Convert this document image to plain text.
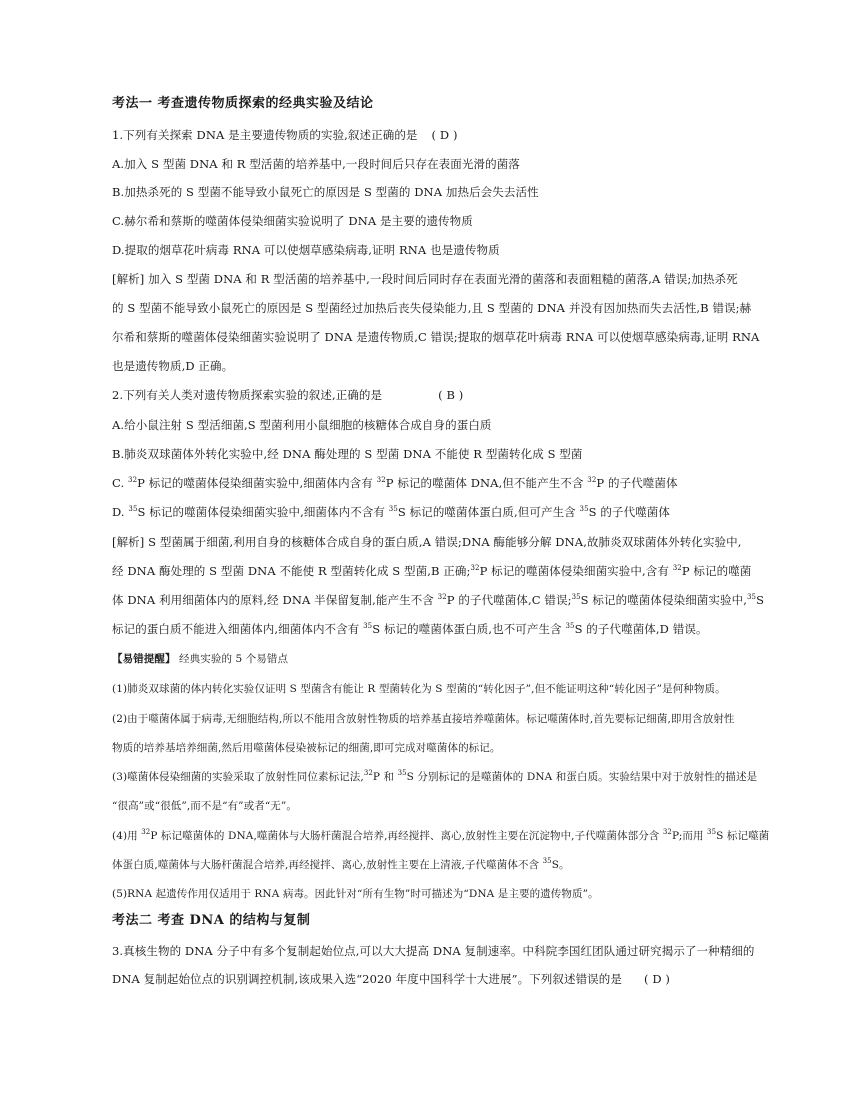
考法一 考查遗传物质探索的经典实验及结论
1.下列有关探索 DNA 是主要遗传物质的实验,叙述正确的是 ( D )
A.加入 S 型菌 DNA 和 R 型活菌的培养基中,一段时间后只存在表面光滑的菌落
B.加热杀死的 S 型菌不能导致小鼠死亡的原因是 S 型菌的 DNA 加热后会失去活性
C.赫尔希和蔡斯的噬菌体侵染细菌实验说明了 DNA 是主要的遗传物质
D.提取的烟草花叶病毒 RNA 可以使烟草感染病毒,证明 RNA 也是遗传物质
[解析] 加入 S 型菌 DNA 和 R 型活菌的培养基中,一段时间后同时存在表面光滑的菌落和表面粗糙的菌落,A 错误;加热杀死
的 S 型菌不能导致小鼠死亡的原因是 S 型菌经过加热后丧失侵染能力,且 S 型菌的 DNA 并没有因加热而失去活性,B 错误;赫
尔希和蔡斯的噬菌体侵染细菌实验说明了 DNA 是遗传物质,C 错误;提取的烟草花叶病毒 RNA 可以使烟草感染病毒,证明 RNA
也是遗传物质,D 正确。
2.下列有关人类对遗传物质探索实验的叙述,正确的是	( B )
A.给小鼠注射 S 型活细菌,S 型菌利用小鼠细胞的核糖体合成自身的蛋白质
B.肺炎双球菌体外转化实验中,经 DNA 酶处理的 S 型菌 DNA 不能使 R 型菌转化成 S 型菌
C. $^{32}$P 标记的噬菌体侵染细菌实验中,细菌体内含有 $^{32}$P 标记的噬菌体 DNA,但不能产生不含 $^{32}$P 的子代噬菌体
D. $^{35}$S 标记的噬菌体侵染细菌实验中,细菌体内不含有 $^{35}$S 标记的噬菌体蛋白质,但可产生含 $^{35}$S 的子代噬菌体
[解析] S 型菌属于细菌,利用自身的核糖体合成自身的蛋白质,A 错误;DNA 酶能够分解 DNA,故肺炎双球菌体外转化实验中,
经 DNA 酶处理的 S 型菌 DNA 不能使 R 型菌转化成 S 型菌,B 正确;$^{32}$P 标记的噬菌体侵染细菌实验中,含有 $^{32}$P 标记的噬菌
体 DNA 利用细菌体内的原料,经 DNA 半保留复制,能产生不含 $^{32}$P 的子代噬菌体,C 错误;$^{35}$S 标记的噬菌体侵染细菌实验中,$^{35}$S
标记的蛋白质不能进入细菌体内,细菌体内不含有 $^{35}$S 标记的噬菌体蛋白质,也不可产生含 $^{35}$S 的子代噬菌体,D 错误。
【易错提醒】 经典实验的 5 个易错点
(1)肺炎双球菌的体内转化实验仅证明 S 型菌含有能让 R 型菌转化为 S 型菌的“转化因子”,但不能证明这种“转化因子”是何种物质。
(2)由于噬菌体属于病毒,无细胞结构,所以不能用含放射性物质的培养基直接培养噬菌体。标记噬菌体时,首先要标记细菌,即用含放射性
物质的培养基培养细菌,然后用噬菌体侵染被标记的细菌,即可完成对噬菌体的标记。
(3)噬菌体侵染细菌的实验采取了放射性同位素标记法,$^{32}$P 和 $^{35}$S 分别标记的是噬菌体的 DNA 和蛋白质。实验结果中对于放射性的描述是
“很高”或“很低”,而不是“有”或者“无”。
(4)用 $^{32}$P 标记噬菌体的 DNA,噬菌体与大肠杆菌混合培养,再经搅拌、离心,放射性主要在沉淀物中,子代噬菌体部分含 $^{32}$P;而用 $^{35}$S 标记噬菌
体蛋白质,噬菌体与大肠杆菌混合培养,再经搅拌、离心,放射性主要在上清液,子代噬菌体不含 $^{35}$S。
(5)RNA 起遗传作用仅适用于 RNA 病毒。因此针对“所有生物”时可描述为“DNA 是主要的遗传物质”。
考法二 考查 DNA 的结构与复制
3.真核生物的 DNA 分子中有多个复制起始位点,可以大大提高 DNA 复制速率。中科院李国红团队通过研究揭示了一种精细的
DNA 复制起始位点的识别调控机制,该成果入选“2020 年度中国科学十大进展”。下列叙述错误的是 ( D )
